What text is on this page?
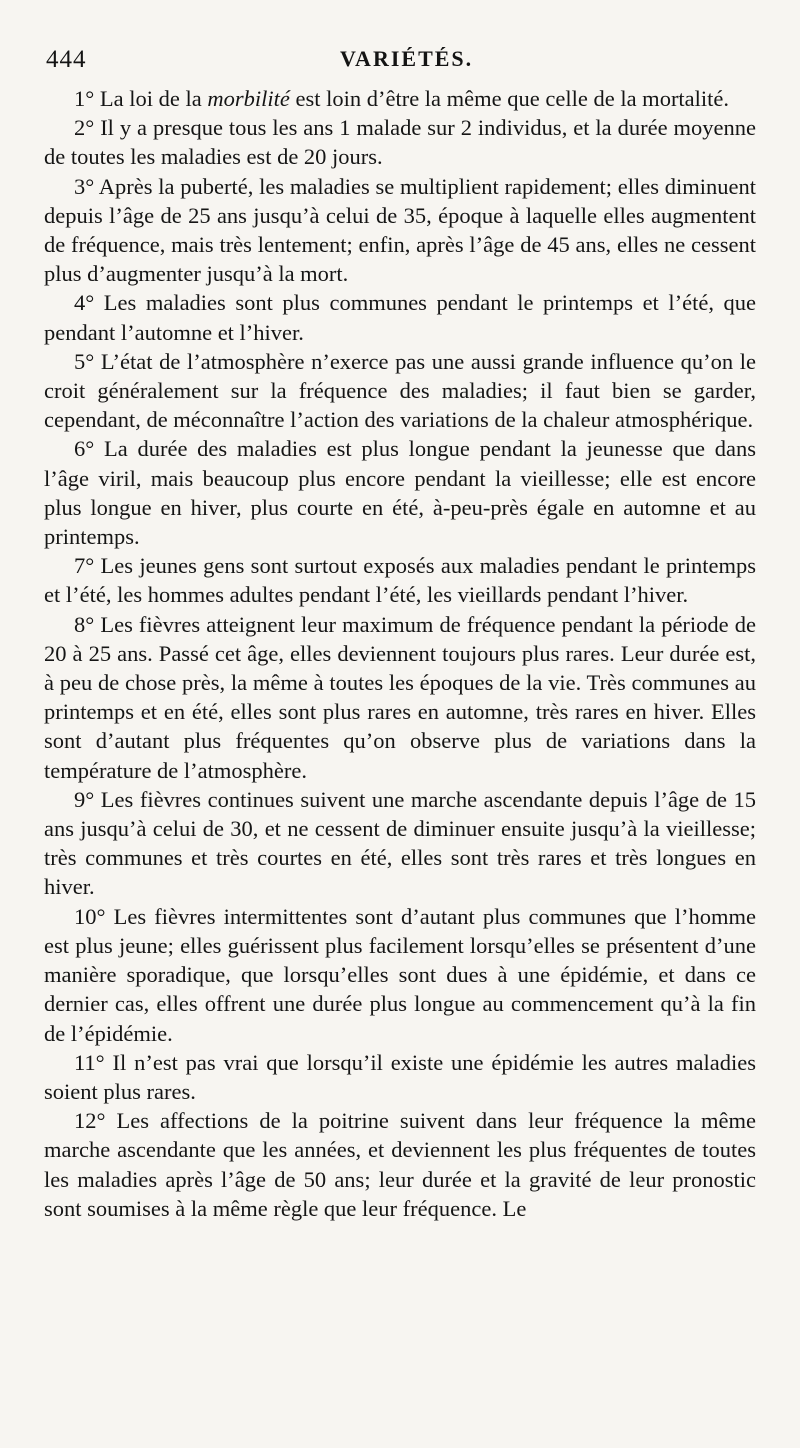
444	VARIÉTÉS.

1° La loi de la morbilité est loin d’être la même que celle de la mortalité.

2° Il y a presque tous les ans 1 malade sur 2 individus, et la durée moyenne de toutes les maladies est de 20 jours.

3° Après la puberté, les maladies se multiplient rapidement; elles diminuent depuis l’âge de 25 ans jusqu’à celui de 35, époque à laquelle elles augmentent de fréquence, mais très lentement; enfin, après l’âge de 45 ans, elles ne cessent plus d’augmenter jusqu’à la mort.

4° Les maladies sont plus communes pendant le printemps et l’été, que pendant l’automne et l’hiver.

5° L’état de l’atmosphère n’exerce pas une aussi grande influence qu’on le croit généralement sur la fréquence des maladies; il faut bien se garder, cependant, de méconnaître l’action des variations de la chaleur atmosphérique.

6° La durée des maladies est plus longue pendant la jeunesse que dans l’âge viril, mais beaucoup plus encore pendant la vieillesse; elle est encore plus longue en hiver, plus courte en été, à-peu-près égale en automne et au printemps.

7° Les jeunes gens sont surtout exposés aux maladies pendant le printemps et l’été, les hommes adultes pendant l’été, les vieillards pendant l’hiver.

8° Les fièvres atteignent leur maximum de fréquence pendant la période de 20 à 25 ans. Passé cet âge, elles deviennent toujours plus rares. Leur durée est, à peu de chose près, la même à toutes les époques de la vie. Très communes au printemps et en été, elles sont plus rares en automne, très rares en hiver. Elles sont d’autant plus fréquentes qu’on observe plus de variations dans la température de l’atmosphère.

9° Les fièvres continues suivent une marche ascendante depuis l’âge de 15 ans jusqu’à celui de 30, et ne cessent de diminuer ensuite jusqu’à la vieillesse; très communes et très courtes en été, elles sont très rares et très longues en hiver.

10° Les fièvres intermittentes sont d’autant plus communes que l’homme est plus jeune; elles guérissent plus facilement lorsqu’elles se présentent d’une manière sporadique, que lorsqu’elles sont dues à une épidémie, et dans ce dernier cas, elles offrent une durée plus longue au commencement qu’à la fin de l’épidémie.

11° Il n’est pas vrai que lorsqu’il existe une épidémie les autres maladies soient plus rares.

12° Les affections de la poitrine suivent dans leur fréquence la même marche ascendante que les années, et deviennent les plus fréquentes de toutes les maladies après l’âge de 50 ans; leur durée et la gravité de leur pronostic sont soumises à la même règle que leur fréquence. Le
